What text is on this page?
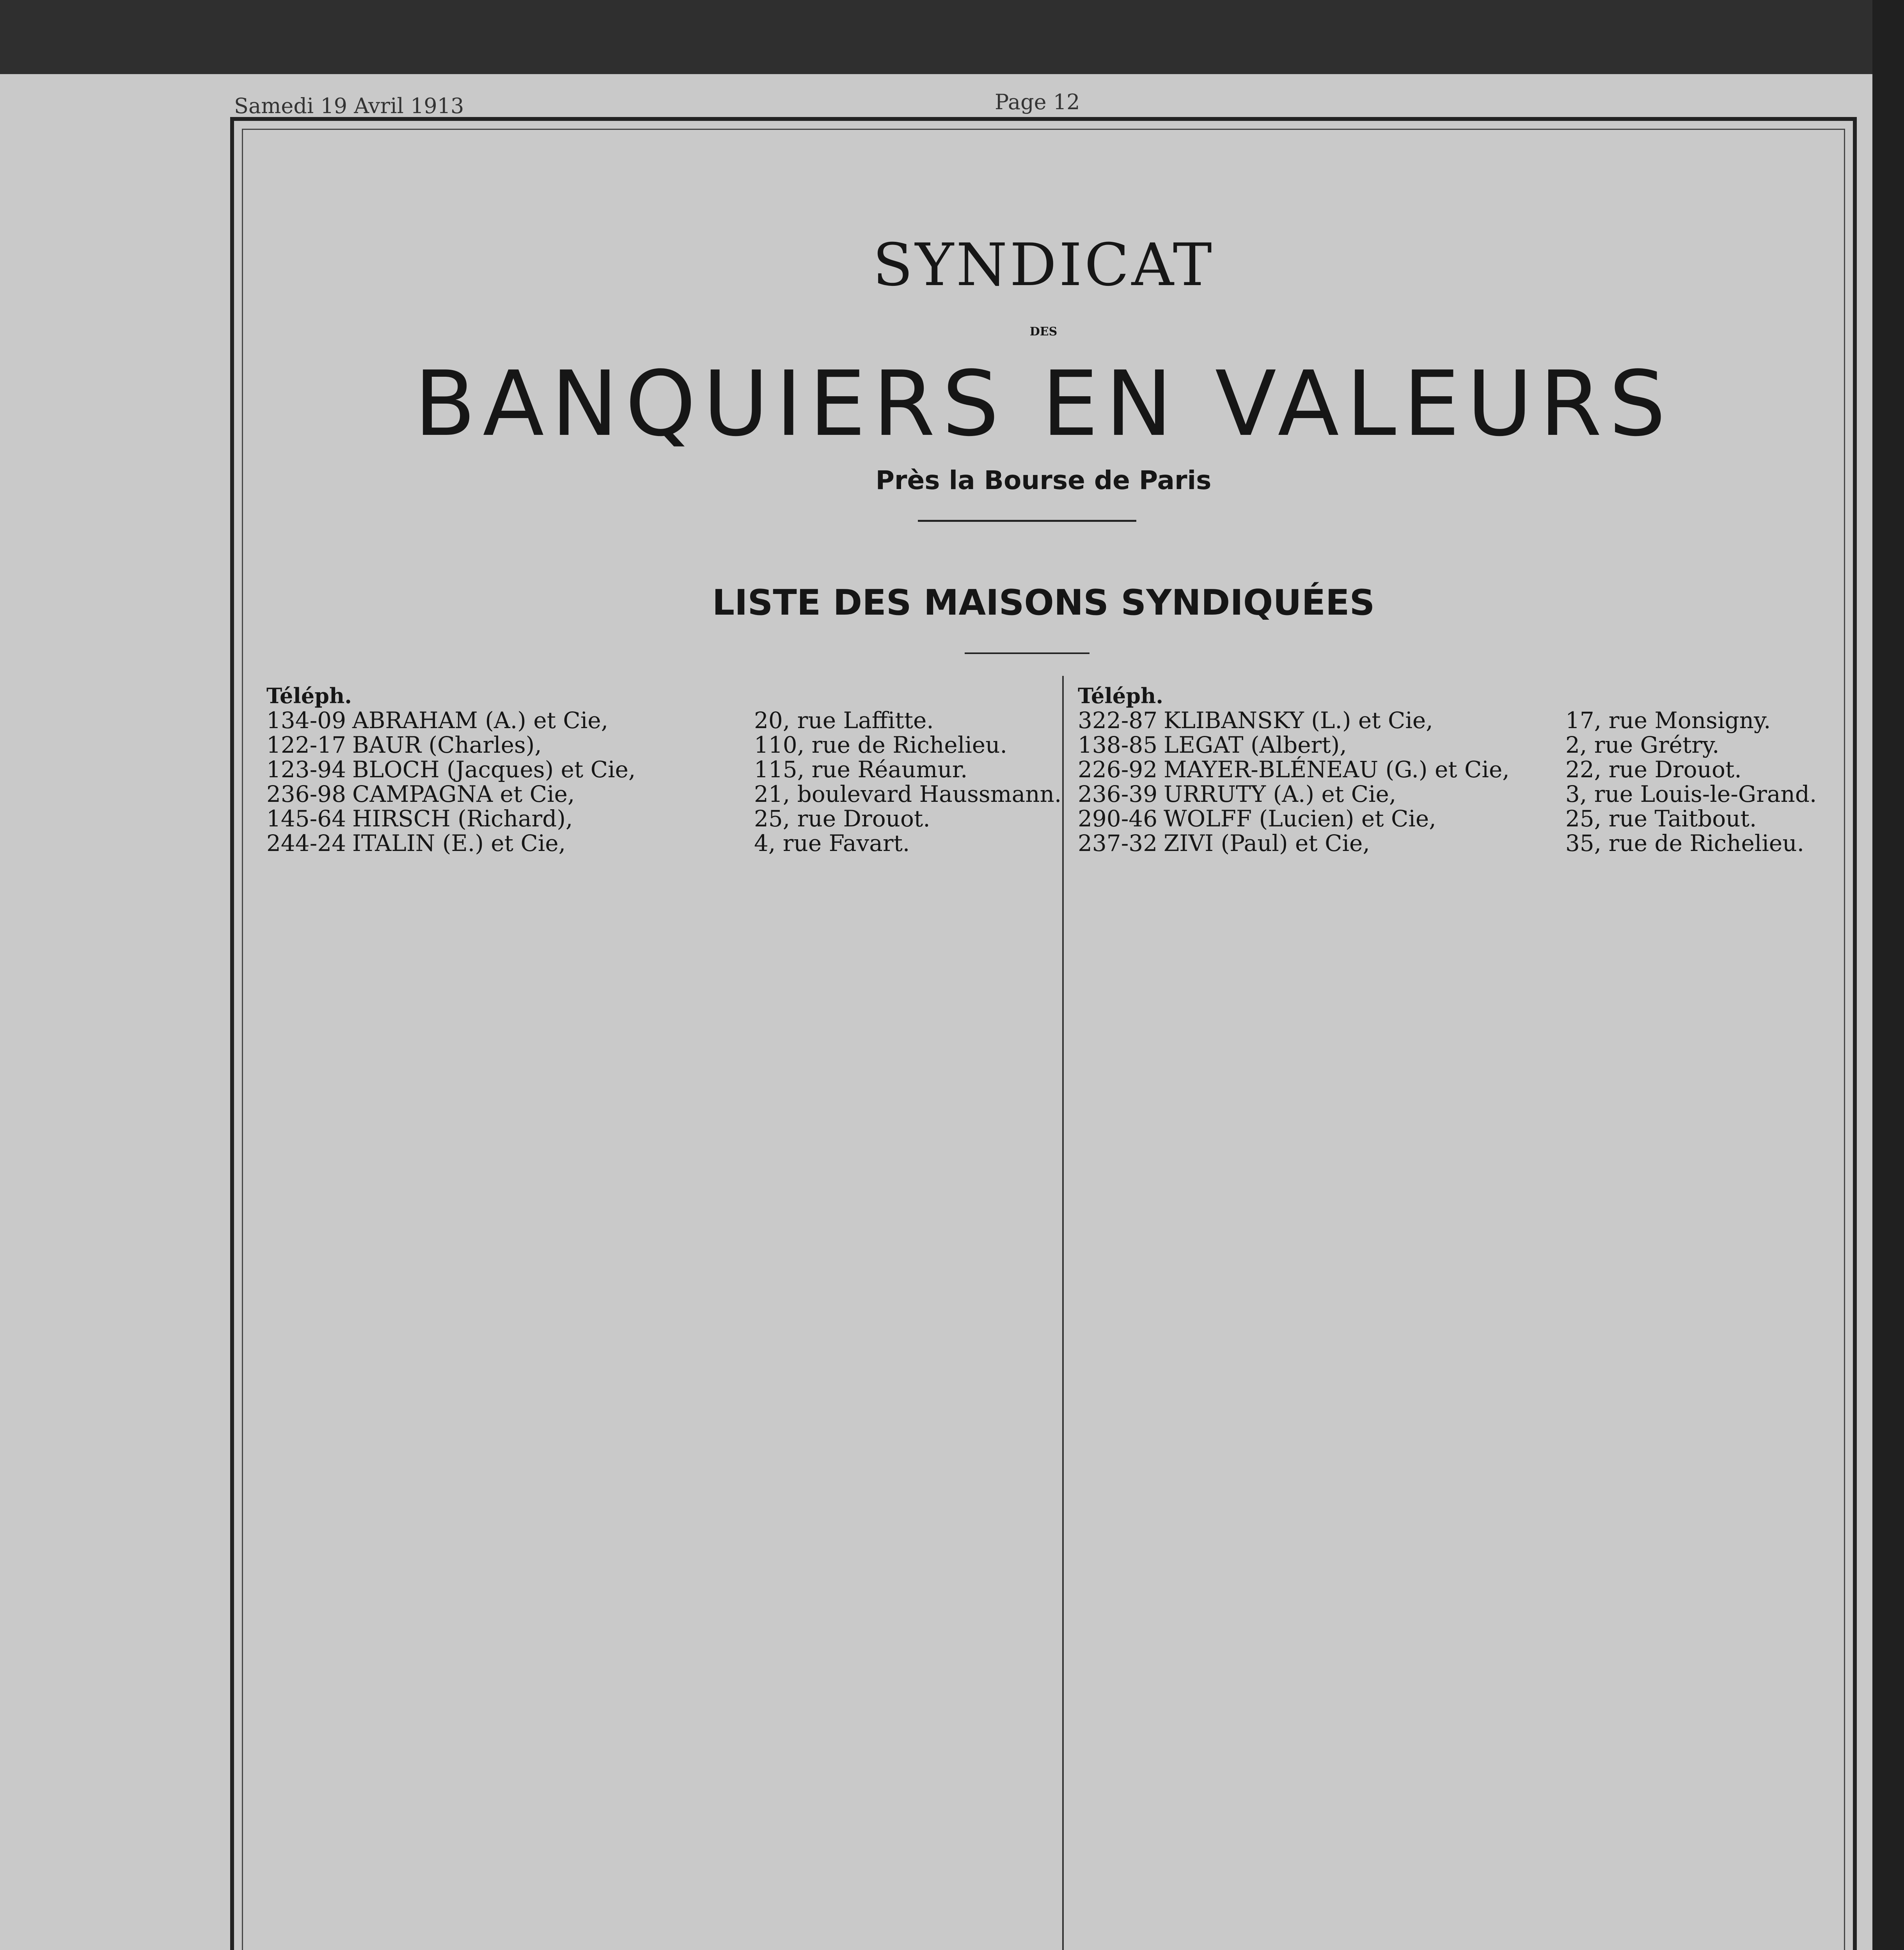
Samedi 19 Avril 1913	Page 12
SYNDICAT
DES
BANQUIERS EN VALEURS
Près la Bourse de Paris
LISTE DES MAISONS SYNDIQUÉES
Téléph.
134-09 ABRAHAM (A.) et Cie,	20, rue Laffitte.
122-17 BAUR (Charles),	110, rue de Richelieu.
123-94 BLOCH (Jacques) et Cie,	115, rue Réaumur.
236-98 CAMPAGNA et Cie,	21, boulevard Haussmann.
145-64 HIRSCH (Richard),	25, rue Drouot.
244-24 ITALIN (E.) et Cie,	4, rue Favart.
Téléph.
322-87 KLIBANSKY (L.) et Cie,	17, rue Monsigny.
138-85 LEGAT (Albert),	2, rue Grétry.
226-92 MAYER-BLÉNEAU (G.) et Cie, 22, rue Drouot.
236-39 URRUTY (A.) et Cie,	3, rue Louis-le-Grand.
290-46 WOLFF (Lucien) et Cie,	25, rue Taitbout.
237-32 ZIVI (Paul) et Cie,	35, rue de Richelieu.
